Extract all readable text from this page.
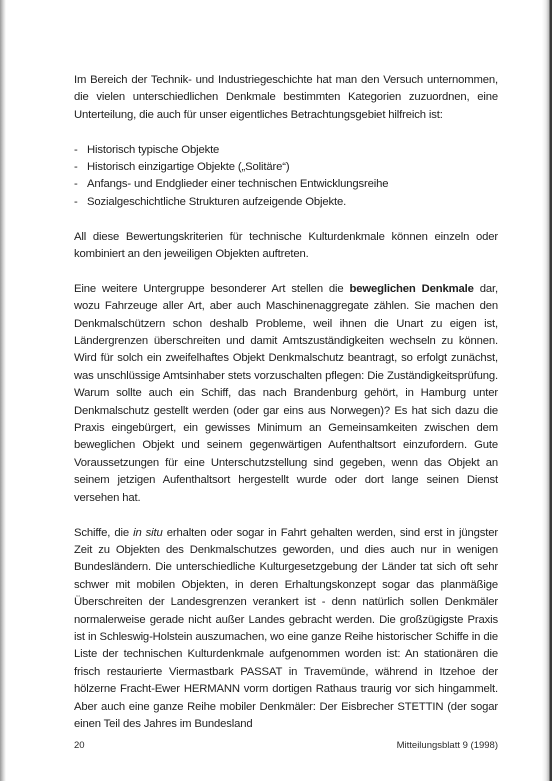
Im Bereich der Technik- und Industriegeschichte hat man den Versuch unternommen, die vielen unterschiedlichen Denkmale bestimmten Kategorien zuzuordnen, eine Unterteilung, die auch für unser eigentliches Betrachtungsgebiet hilfreich ist:

- Historisch typische Objekte
- Historisch einzigartige Objekte („Solitäre“)
- Anfangs- und Endglieder einer technischen Entwicklungsreihe
- Sozialgeschichtliche Strukturen aufzeigende Objekte.

All diese Bewertungskriterien für technische Kulturdenkmale können einzeln oder kombiniert an den jeweiligen Objekten auftreten.

Eine weitere Untergruppe besonderer Art stellen die beweglichen Denkmale dar, wozu Fahrzeuge aller Art, aber auch Maschinenaggregate zählen. Sie machen den Denkmalschützern schon deshalb Probleme, weil ihnen die Unart zu eigen ist, Ländergrenzen überschreiten und damit Amtszuständigkeiten wechseln zu können. Wird für solch ein zweifelhaftes Objekt Denkmalschutz beantragt, so erfolgt zunächst, was unschlüssige Amtsinhaber stets vorzuschalten pflegen: Die Zuständigkeitsprüfung. Warum sollte auch ein Schiff, das nach Brandenburg gehört, in Hamburg unter Denkmalschutz gestellt werden (oder gar eins aus Norwegen)? Es hat sich dazu die Praxis eingebürgert, ein gewisses Minimum an Gemeinsamkeiten zwischen dem beweglichen Objekt und seinem gegenwärtigen Aufenthaltsort einzufordern. Gute Voraussetzungen für eine Unterschutzstellung sind gegeben, wenn das Objekt an seinem jetzigen Aufenthaltsort hergestellt wurde oder dort lange seinen Dienst versehen hat.

Schiffe, die in situ erhalten oder sogar in Fahrt gehalten werden, sind erst in jüngster Zeit zu Objekten des Denkmalschutzes geworden, und dies auch nur in wenigen Bundesländern. Die unterschiedliche Kulturgesetzgebung der Länder tat sich oft sehr schwer mit mobilen Objekten, in deren Erhaltungskonzept sogar das planmäßige Überschreiten der Landesgrenzen verankert ist - denn natürlich sollen Denkmäler normalerweise gerade nicht außer Landes gebracht werden. Die großzügigste Praxis ist in Schleswig-Holstein auszumachen, wo eine ganze Reihe historischer Schiffe in die Liste der technischen Kulturdenkmale aufgenommen worden ist: An stationären die frisch restaurierte Viermastbark PASSAT in Travemünde, während in Itzehoe der hölzerne Fracht-Ewer HERMANN vorm dortigen Rathaus traurig vor sich hingammelt. Aber auch eine ganze Reihe mobiler Denkmäler: Der Eisbrecher STETTIN (der sogar einen Teil des Jahres im Bundesland

20	Mitteilungsblatt 9 (1998)
